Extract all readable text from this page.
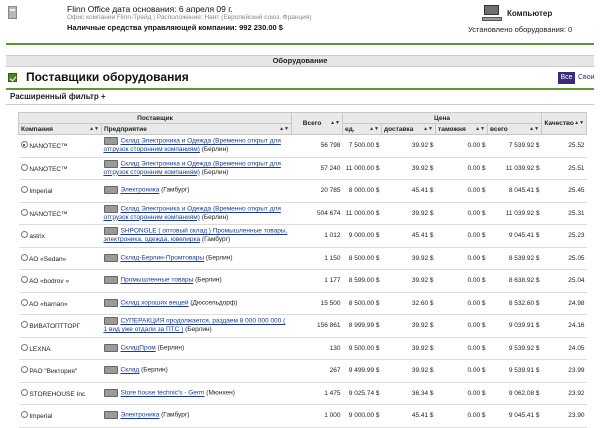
Flinn Office дата основания: 6 апреля 09 г.
Офис компании Flinn-Трейд | Расположение: Нант (Европейский союз, Франция)
Наличные средства управляющей компании: 992 230.00 $
Компьютер
Установлено оборудования: 0
Оборудование
Поставщики оборудования	Все Свои
Расширенный фильтр +
Поставщик		Всего ▲▼	Цена				Качество ▲▼

Компания ▲▼	Предприятие ▲▼		ед. ▲▼	доставка ▲▼	таможня ▲▼	всего ▲▼	

NANOTEC™	Склад Электроника и Одежда (Временно открыт для отгрузок сторонним компаниям) (Берлин)	56 798	7 500.00 $	39.92 $	0.00 $	7 539.92 $	25.52
NANOTEC™	Склад Электроника и Одежда (Временно открыт для отгрузок сторонним компаниям) (Берлин)	57 240	11 000.00 $	39.92 $	0.00 $	11 039.92 $	25.51
Imperial	Электроника (Гамбург)	20 785	8 000.00 $	45.41 $	0.00 $	8 045.41 $	25.45
NANOTEC™	Склад Электроника и Одежда (Временно открыт для отгрузок сторонним компаниям) (Берлин)	504 674	11 000.00 $	39.92 $	0.00 $	11 039.92 $	25.31
astrix	SHPONGLE ( оптовый склад ) Промышленные товары, электроника, одежда, ювелирка (Гамбург)	1 012	9 000.00 $	45.41 $	0.00 $	9 045.41 $	25.23
AO «Sedan»	Склад-Берлин-Промтовары (Берлин)	1 150	8 500.00 $	39.92 $	0.00 $	8 539.92 $	25.05
AO «bodrov »	Промышленные товары (Берлин)	1 177	8 599.00 $	39.92 $	0.00 $	8 638.92 $	25.04
AO «barnan»	Склад хороших вещей (Дюссельдорф)	15 500	8 500.00 $	32.60 $	0.00 $	8 532.60 $	24.98
ВИВАТОПТТОРГ	СУПЕРАКЦИЯ продолжается, раздаем 8 000 000 000 ( 1 вид уже отдали за ПТС ) (Берлин)	156 861	8 999.99 $	39.92 $	0.00 $	9 039.91 $	24.16
LEXNA	СкладПром (Берлин)	130	9 500.00 $	39.92 $	0.00 $	9 539.92 $	24.05
PAO "Виктория"	Склад (Берлин)	267	9 499.99 $	39.92 $	0.00 $	9 539.91 $	23.99
STOREHOUSE Inc	Store house technic's - Germ (Мюнхен)	1 475	9 025.74 $	36.34 $	0.00 $	9 062.08 $	23.92
Imperial	Электроника (Гамбург)	1 000	9 000.00 $	45.41 $	0.00 $	9 045.41 $	23.90
